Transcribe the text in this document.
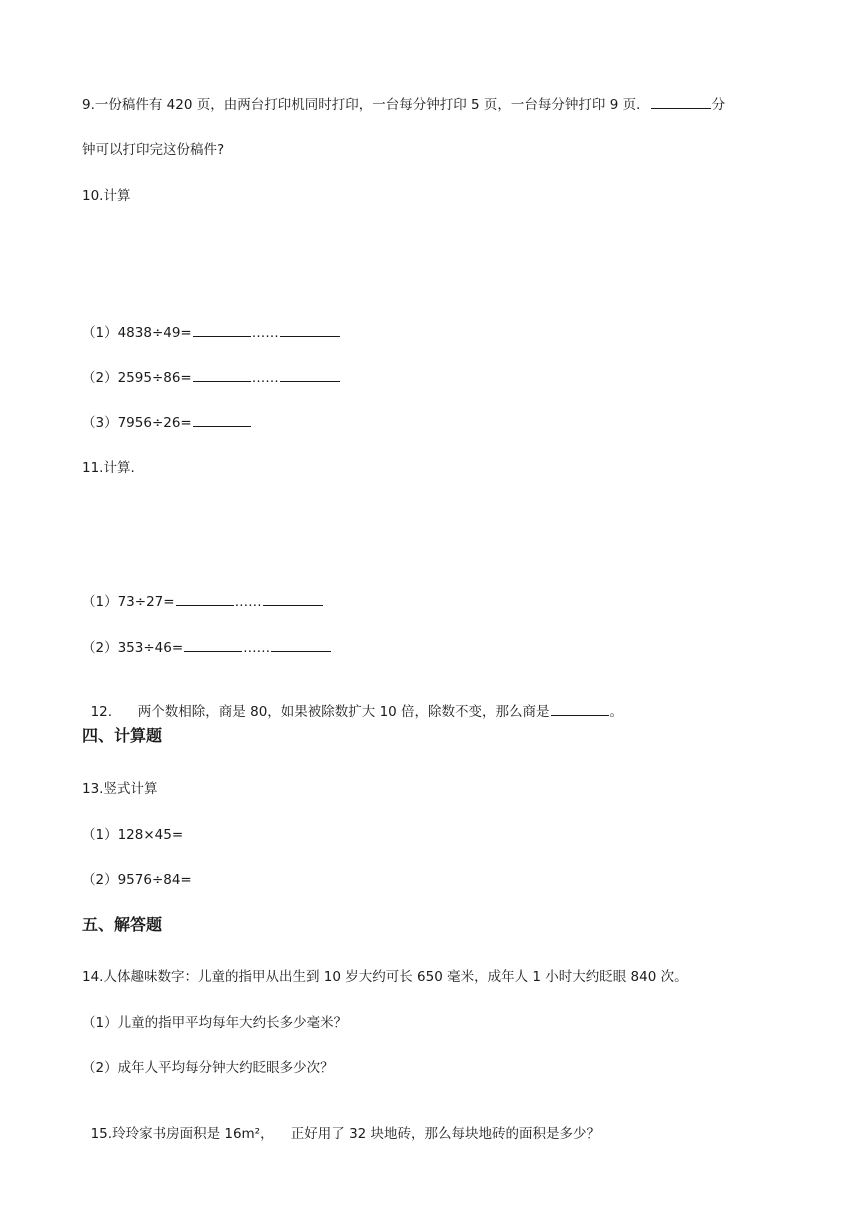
9.一份稿件有 420 页，由两台打印机同时打印，一台每分钟打印 5 页，一台每分钟打印 9 页．	分
钟可以打印完这份稿件?
10.计算
（1）4838÷49=	……
（2）2595÷86=	……
（3）7956÷26=
11.计算.
（1）73÷27=	……
（2）353÷46=	……

12.      两个数相除，商是 80，如果被除数扩大 10 倍，除数不变，那么商是	。

四、计算题
13.竖式计算
（1）128×45=
（2）9576÷84=
五、解答题
14.人体趣味数字：儿童的指甲从出生到 10 岁大约可长 650 毫米，成年人 1 小时大约眨眼 840 次。
（1）儿童的指甲平均每年大约长多少毫米？
（2）成年人平均每分钟大约眨眼多少次？

15.玲玲家书房面积是 16m²，    正好用了 32 块地砖，那么每块地砖的面积是多少？
